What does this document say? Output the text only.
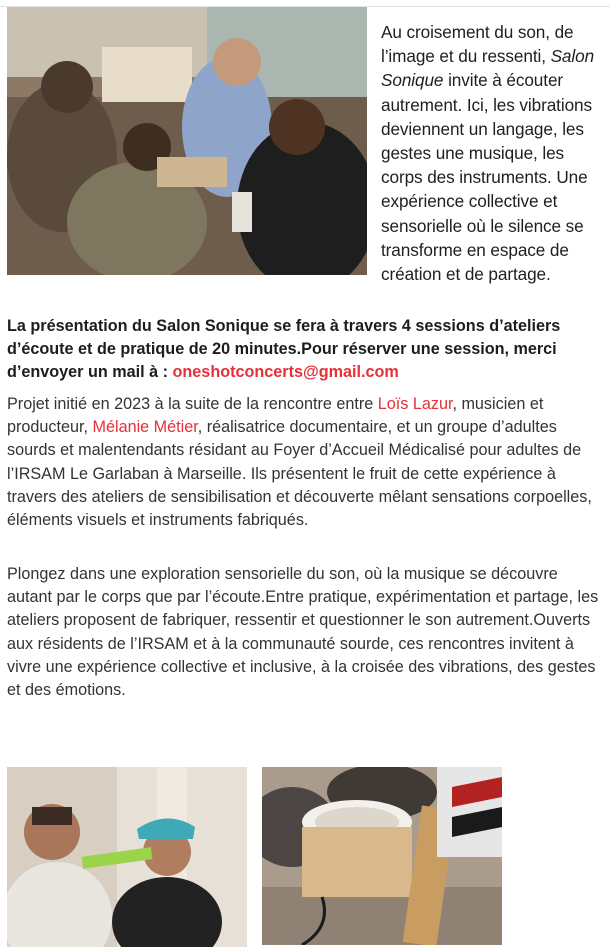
Au croisement du son, de l’image et du ressenti, Salon Sonique invite à écouter autrement. Ici, les vibrations deviennent un langage, les gestes une musique, les corps des instruments. Une expérience collective et sensorielle où le silence se transforme en espace de création et de partage.
La présentation du Salon Sonique se fera à travers 4 sessions d’ateliers d’écoute et de pratique de 20 minutes.Pour réserver une session, merci d’envoyer un mail à : oneshotconcerts@gmail.com
Projet initié en 2023 à la suite de la rencontre entre Loïs Lazur, musicien et producteur, Mélanie Métier, réalisatrice documentaire, et un groupe d’adultes sourds et malentendants résidant au Foyer d’Accueil Médicalisé pour adultes de l’IRSAM Le Garlaban à Marseille. Ils présentent le fruit de cette expérience à travers des ateliers de sensibilisation et découverte mêlant sensations corpoelles, éléments visuels et instruments fabriqués.
Plongez dans une exploration sensorielle du son, où la musique se découvre autant par le corps que par l’écoute.Entre pratique, expérimentation et partage, les ateliers proposent de fabriquer, ressentir et questionner le son autrement.Ouverts aux résidents de l’IRSAM et à la communauté sourde, ces rencontres invitent à vivre une expérience collective et inclusive, à la croisée des vibrations, des gestes et des émotions.
